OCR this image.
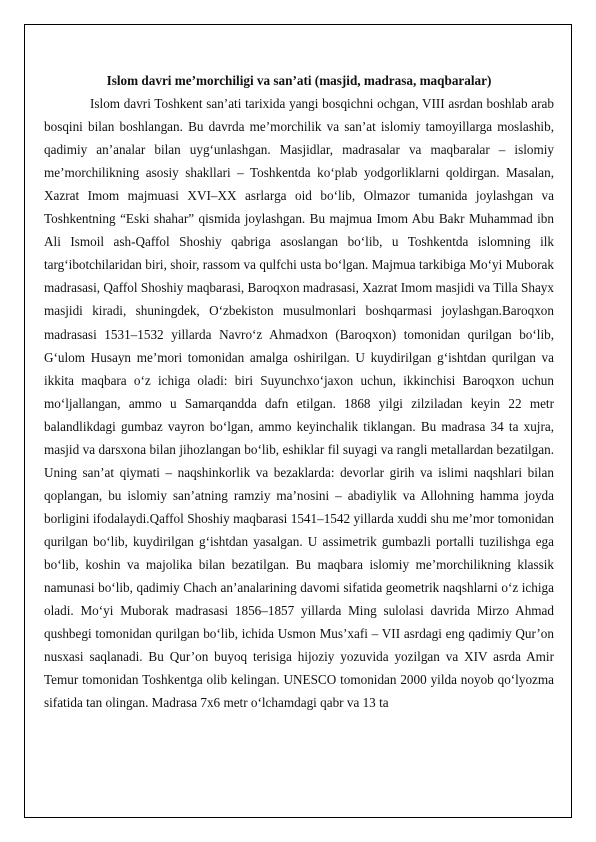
Islom davri me’morchiligi va san’ati (masjid, madrasa, maqbaralar)

Islom davri Toshkent san’ati tarixida yangi bosqichni ochgan, VIII asrdan boshlab arab bosqini bilan boshlangan. Bu davrda me’morchilik va san’at islomiy tamoyillarga moslashib, qadimiy an’analar bilan uyg‘unlashgan. Masjidlar, madrasalar va maqbaralar – islomiy me’morchilikning asosiy shakllari – Toshkentda ko‘plab yodgorliklarni qoldirgan. Masalan, Xazrat Imom majmuasi XVI–XX asrlarga oid bo‘lib, Olmazor tumanida joylashgan va Toshkentning “Eski shahar” qismida joylashgan. Bu majmua Imom Abu Bakr Muhammad ibn Ali Ismoil ash-Qaffol Shoshiy qabriga asoslangan bo‘lib, u Toshkentda islomning ilk targ‘ibotchilaridan biri, shoir, rassom va qulfchi usta bo‘lgan. Majmua tarkibiga Mo‘yi Muborak madrasasi, Qaffol Shoshiy maqbarasi, Baroqxon madrasasi, Xazrat Imom masjidi va Tilla Shayx masjidi kiradi, shuningdek, O‘zbekiston musulmonlari boshqarmasi joylashgan.Baroqxon madrasasi 1531–1532 yillarda Navro‘z Ahmadxon (Baroqxon) tomonidan qurilgan bo‘lib, G‘ulom Husayn me’mori tomonidan amalga oshirilgan. U kuydirilgan g‘ishtdan qurilgan va ikkita maqbara o‘z ichiga oladi: biri Suyunchxo‘jaxon uchun, ikkinchisi Baroqxon uchun mo‘ljallangan, ammo u Samarqandda dafn etilgan. 1868 yilgi zilziladan keyin 22 metr balandlikdagi gumbaz vayron bo‘lgan, ammo keyinchalik tiklangan. Bu madrasa 34 ta xujra, masjid va darsxona bilan jihozlangan bo‘lib, eshiklar fil suyagi va rangli metallardan bezatilgan. Uning san’at qiymati – naqshinkorlik va bezaklarda: devorlar girih va islimi naqshlari bilan qoplangan, bu islomiy san’atning ramziy ma’nosini – abadiylik va Allohning hamma joyda borligini ifodalaydi.Qaffol Shoshiy maqbarasi 1541–1542 yillarda xuddi shu me’mor tomonidan qurilgan bo‘lib, kuydirilgan g‘ishtdan yasalgan. U assimetrik gumbazli portalli tuzilishga ega bo‘lib, koshin va majolika bilan bezatilgan. Bu maqbara islomiy me’morchilikning klassik namunasi bo‘lib, qadimiy Chach an’analarining davomi sifatida geometrik naqshlarni o‘z ichiga oladi. Mo‘yi Muborak madrasasi 1856–1857 yillarda Ming sulolasi davrida Mirzo Ahmad qushbegi tomonidan qurilgan bo‘lib, ichida Usmon Mus’xafi – VII asrdagi eng qadimiy Qur’on nusxasi saqlanadi. Bu Qur’on buyoq terisiga hijoziy yozuvida yozilgan va XIV asrda Amir Temur tomonidan Toshkentga olib kelingan. UNESCO tomonidan 2000 yilda noyob qo‘lyozma sifatida tan olingan. Madrasa 7x6 metr o‘lchamdagi qabr va 13 ta
